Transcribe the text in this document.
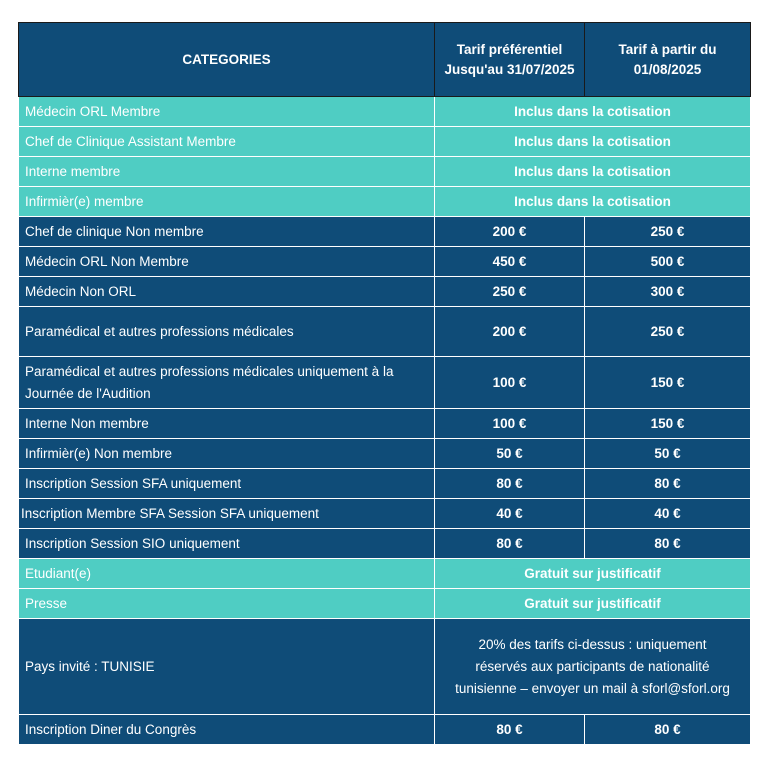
CATEGORIES	Tarif préférentiel Jusqu'au 31/07/2025	Tarif à partir du 01/08/2025
Médecin ORL Membre	Inclus dans la cotisation	
Chef de Clinique Assistant Membre	Inclus dans la cotisation	
Interne membre	Inclus dans la cotisation	
Infirmièr(e) membre	Inclus dans la cotisation	
Chef de clinique Non membre	200 €	250 €
Médecin ORL Non Membre	450 €	500 €
Médecin Non ORL	250 €	300 €
Paramédical et autres professions médicales	200 €	250 €
Paramédical et autres professions médicales uniquement à la Journée de l'Audition	100 €	150 €
Interne Non membre	100 €	150 €
Infirmièr(e) Non membre	50 €	50 €
Inscription Session SFA uniquement	80 €	80 €
Inscription Membre SFA Session SFA uniquement	40 €	40 €
Inscription Session SIO uniquement	80 €	80 €
Etudiant(e)	Gratuit sur justificatif	
Presse	Gratuit sur justificatif	
Pays invité : TUNISIE	20% des tarifs ci-dessus : uniquement réservés aux participants de nationalité tunisienne – envoyer un mail à sforl@sforl.org	
Inscription Diner du Congrès	80 €	80 €
